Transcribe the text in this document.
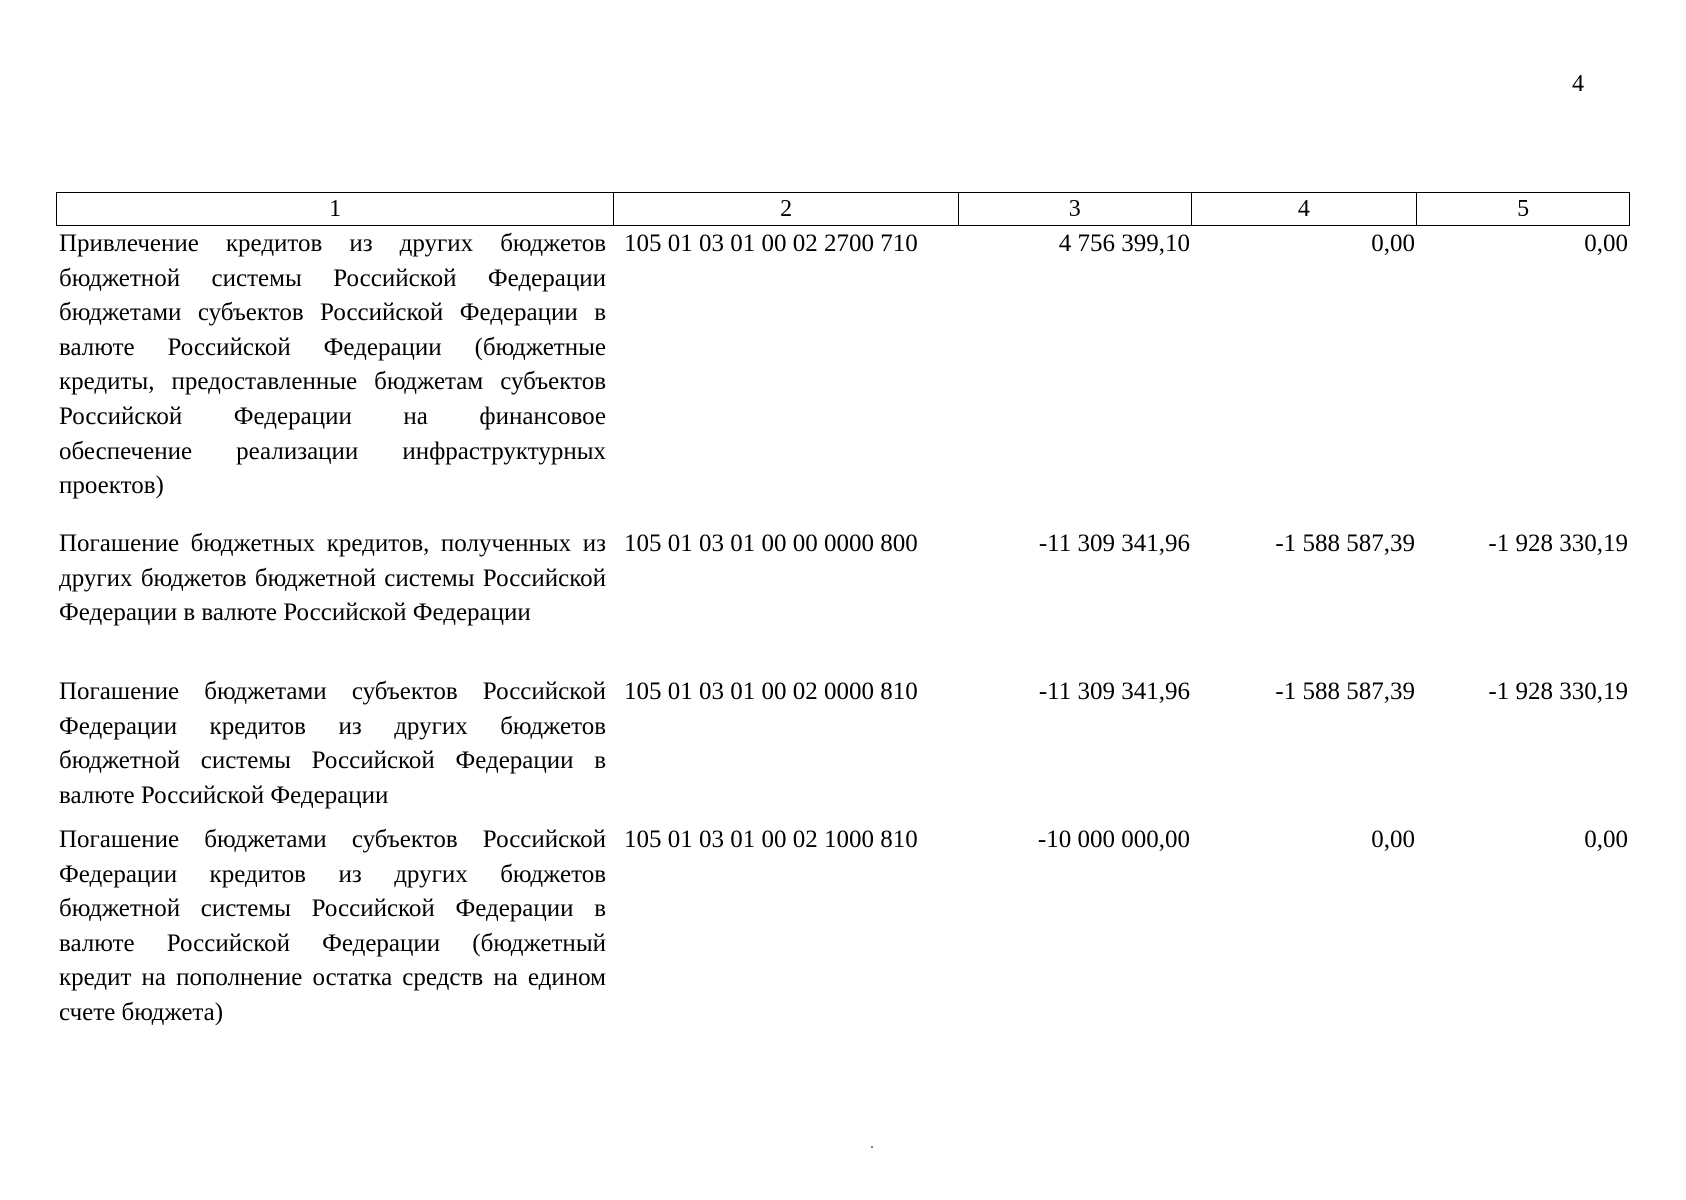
4
1	2	3	4	5
Привлечение кредитов из других бюджетов бюджетной системы Российской Федерации бюджетами субъектов Российской Федерации в валюте Российской Федерации (бюджетные кредиты, предоставленные бюджетам субъектов Российской Федерации на финансовое обеспечение реализации инфраструктурных проектов)
105 01 03 01 00 02 2700 710	4 756 399,10	0,00	0,00
Погашение бюджетных кредитов, полученных из других бюджетов бюджетной системы Российской Федерации в валюте Российской Федерации
105 01 03 01 00 00 0000 800	-11 309 341,96	-1 588 587,39	-1 928 330,19
Погашение бюджетами субъектов Российской Федерации кредитов из других бюджетов бюджетной системы Российской Федерации в валюте Российской Федерации
105 01 03 01 00 02 0000 810	-11 309 341,96	-1 588 587,39	-1 928 330,19
Погашение бюджетами субъектов Российской Федерации кредитов из других бюджетов бюджетной системы Российской Федерации в валюте Российской Федерации (бюджетный кредит на пополнение остатка средств на едином счете бюджета)
105 01 03 01 00 02 1000 810	-10 000 000,00	0,00	0,00
